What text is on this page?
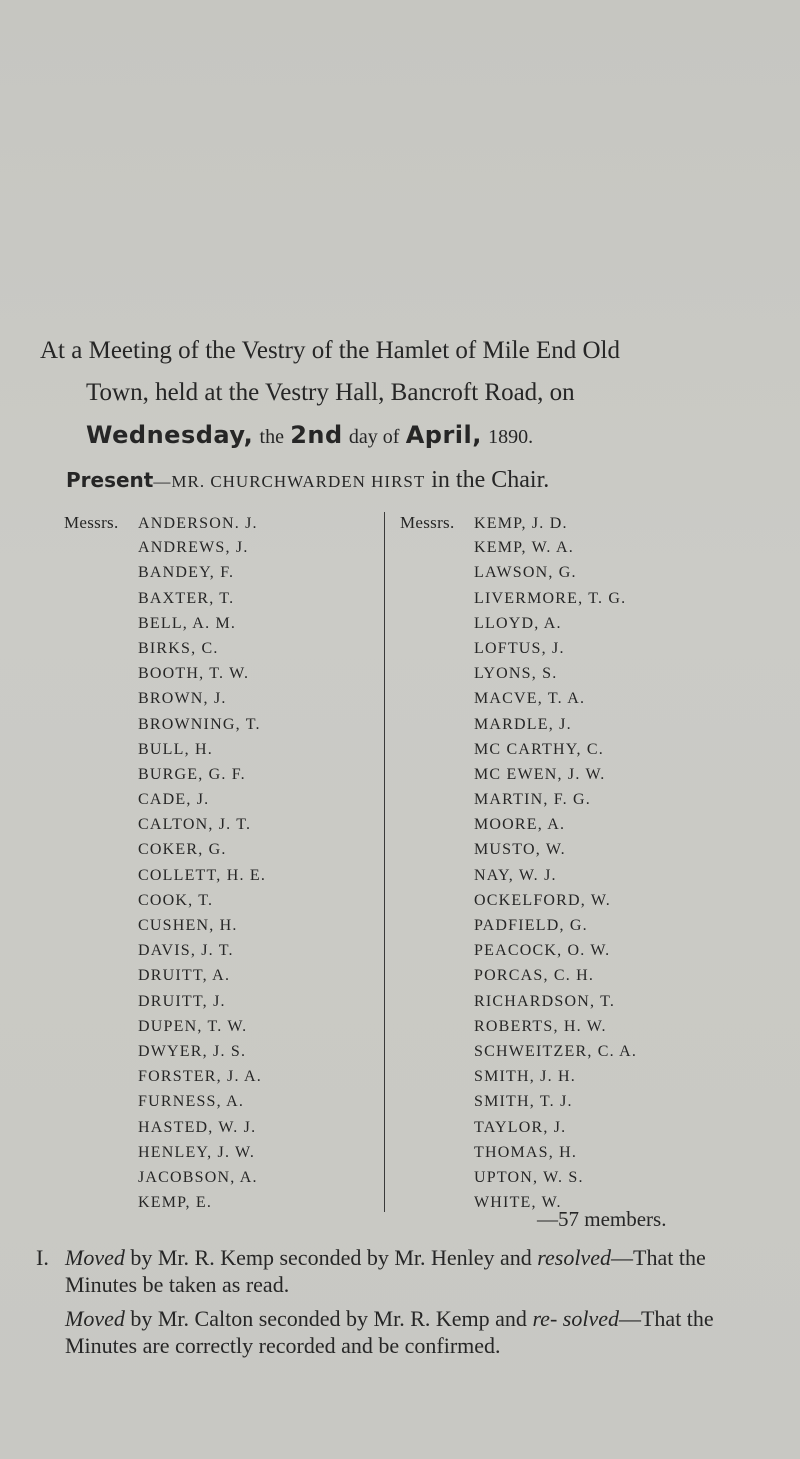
At a Meeting of the Vestry of the Hamlet of Mile End Old
Town, held at the Vestry Hall, Bancroft Road, on
Wednesday, the 2nd day of April, 1890.
Present—MR. CHURCHWARDEN HIRST in the Chair.
Messrs. ANDERSON. J.
ANDREWS, J.
BANDEY, F.
BAXTER, T.
BELL, A. M.
BIRKS, C.
BOOTH, T. W.
BROWN, J.
BROWNING, T.
BULL, H.
BURGE, G. F.
CADE, J.
CALTON, J. T.
COKER, G.
COLLETT, H. E.
COOK, T.
CUSHEN, H.
DAVIS, J. T.
DRUITT, A.
DRUITT, J.
DUPEN, T. W.
DWYER, J. S.
FORSTER, J. A.
FURNESS, A.
HASTED, W. J.
HENLEY, J. W.
JACOBSON, A.
KEMP, E.
Messrs. KEMP, J. D.
KEMP, W. A.
LAWSON, G.
LIVERMORE, T. G.
LLOYD, A.
LOFTUS, J.
LYONS, S.
MACVE, T. A.
MARDLE, J.
MC CARTHY, C.
MC EWEN, J. W.
MARTIN, F. G.
MOORE, A.
MUSTO, W.
NAY, W. J.
OCKELFORD, W.
PADFIELD, G.
PEACOCK, O. W.
PORCAS, C. H.
RICHARDSON, T.
ROBERTS, H. W.
SCHWEITZER, C. A.
SMITH, J. H.
SMITH, T. J.
TAYLOR, J.
THOMAS, H.
UPTON, W. S.
WHITE, W.
—57 members.

I. Moved by Mr. R. Kemp seconded by Mr. Henley and resolved—That the Minutes be taken as read.

Moved by Mr. Calton seconded by Mr. R. Kemp and re- solved—That the Minutes are correctly recorded and be confirmed.
